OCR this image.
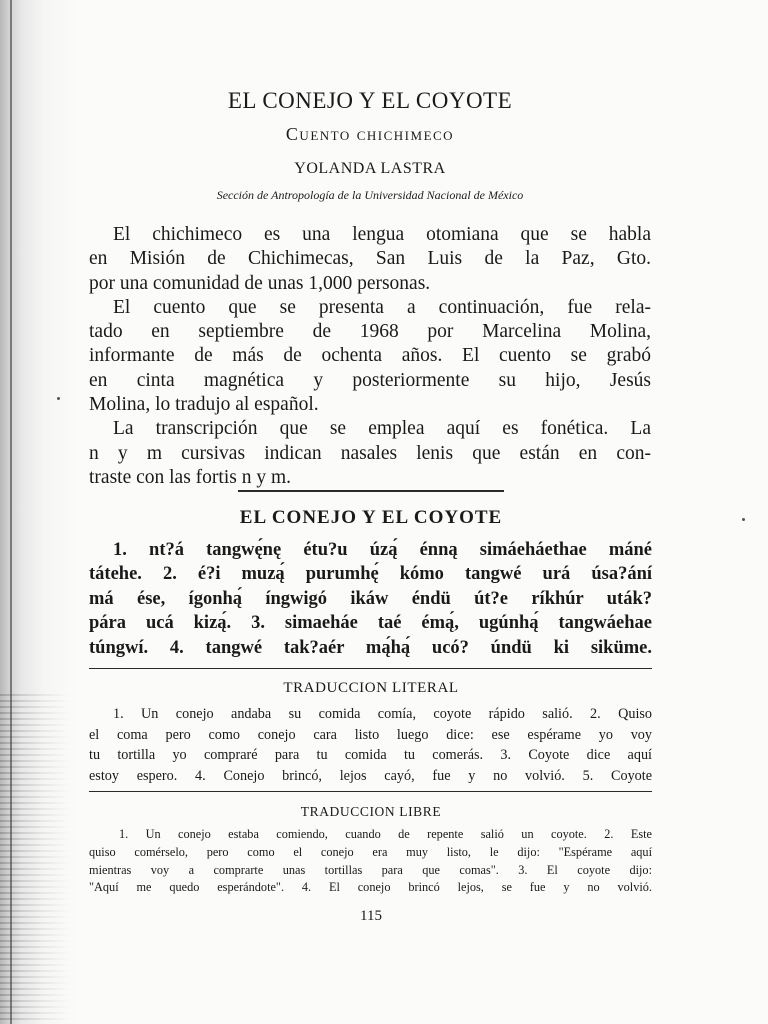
EL CONEJO Y EL COYOTE
Cuento chichimeco
YOLANDA LASTRA
Sección de Antropología de la Universidad Nacional de México
El chichimeco es una lengua otomiana que se habla
en Misión de Chichimecas, San Luis de la Paz, Gto.
por una comunidad de unas 1,000 personas.
El cuento que se presenta a continuación, fue rela-
tado en septiembre de 1968 por Marcelina Molina,
informante de más de ochenta años. El cuento se grabó
en cinta magnética y posteriormente su hijo, Jesús
Molina, lo tradujo al español.
La transcripción que se emplea aquí es fonética. La
n y m cursivas indican nasales lenis que están en con-
traste con las fortis n y m.
EL CONEJO Y EL COYOTE
1. nt?á tangwę́nę étu?u úzą́ énną simáeháethae máné
tátehe. 2. é?i muzą́ purumhę́ kómo tangwé urá úsa?ání
má ése, ígonhą́ íngwigó ikáw éndü út?e ríkhúr uták?
pára ucá kizą́. 3. simaeháe taé émą́, ugúnhą́ tangwáehae
túngwí. 4. tangwé tak?aér mą́hą́ ucó? úndü ki siküme.
TRADUCCION LITERAL
1. Un conejo andaba su comida comía, coyote rápido salió. 2. Quiso
el coma pero como conejo cara listo luego dice: ese espérame yo voy
tu tortilla yo compraré para tu comida tu comerás. 3. Coyote dice aquí
estoy espero. 4. Conejo brincó, lejos cayó, fue y no volvió. 5. Coyote
TRADUCCION LIBRE
1. Un conejo estaba comiendo, cuando de repente salió un coyote. 2. Este
quiso comérselo, pero como el conejo era muy listo, le dijo: "Espérame aquí
mientras voy a comprarte unas tortillas para que comas". 3. El coyote dijo:
"Aquí me quedo esperándote". 4. El conejo brincó lejos, se fue y no volvió.
115
